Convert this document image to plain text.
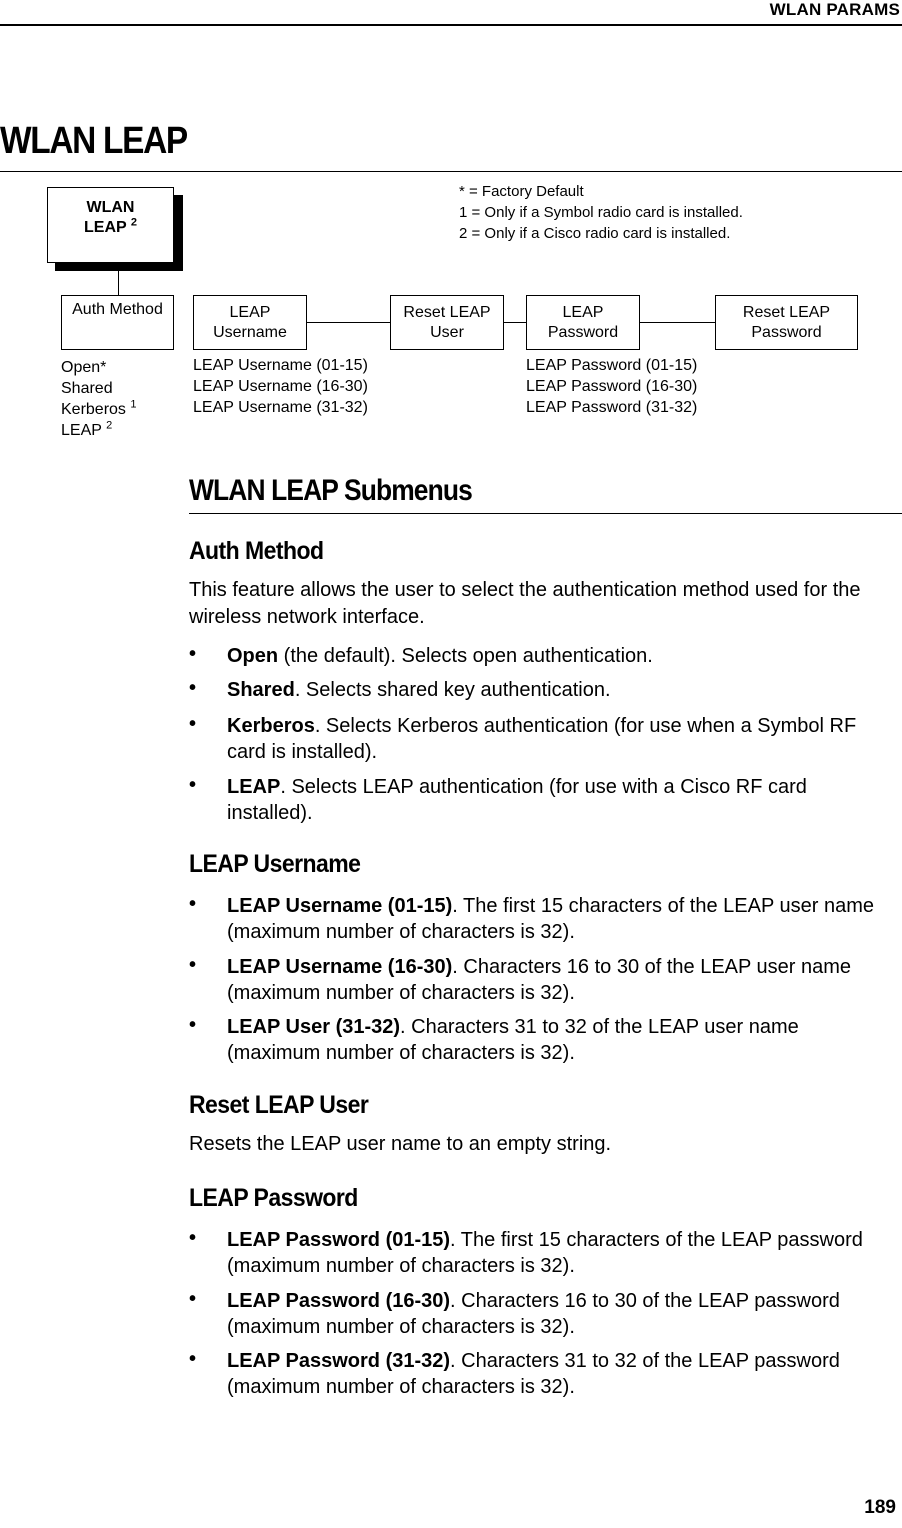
WLAN PARAMS
WLAN LEAP
WLAN
LEAP $^2$
Auth Method	LEAP
Username
Reset LEAP
User
LEAP
Password
Reset LEAP
Password
* = Factory Default
1 = Only if a Symbol radio card is installed.
2 = Only if a Cisco radio card is installed.
Open*
Shared
Kerberos $^1$
LEAP $^2$
LEAP Username (01-15)
LEAP Username (16-30)
LEAP Username (31-32)
LEAP Password (01-15)
LEAP Password (16-30)
LEAP Password (31-32)
WLAN LEAP Submenus
Auth Method

This feature allows the user to select the authentication method used for the wireless network interface.

• Open (the default). Selects open authentication.

• Shared. Selects shared key authentication.

• Kerberos. Selects Kerberos authentication (for use when a Symbol RF card is installed).

• LEAP. Selects LEAP authentication (for use with a Cisco RF card installed).

LEAP Username
• LEAP Username (01-15). The first 15 characters of the LEAP user name (maximum number of characters is 32).

• LEAP Username (16-30). Characters 16 to 30 of the LEAP user name (maximum number of characters is 32).

• LEAP User (31-32). Characters 31 to 32 of the LEAP user name (maximum number of characters is 32).

Reset LEAP User

Resets the LEAP user name to an empty string.

LEAP Password
• LEAP Password (01-15). The first 15 characters of the LEAP password (maximum number of characters is 32).

• LEAP Password (16-30). Characters 16 to 30 of the LEAP password (maximum number of characters is 32).

• LEAP Password (31-32). Characters 31 to 32 of the LEAP password (maximum number of characters is 32).

189
